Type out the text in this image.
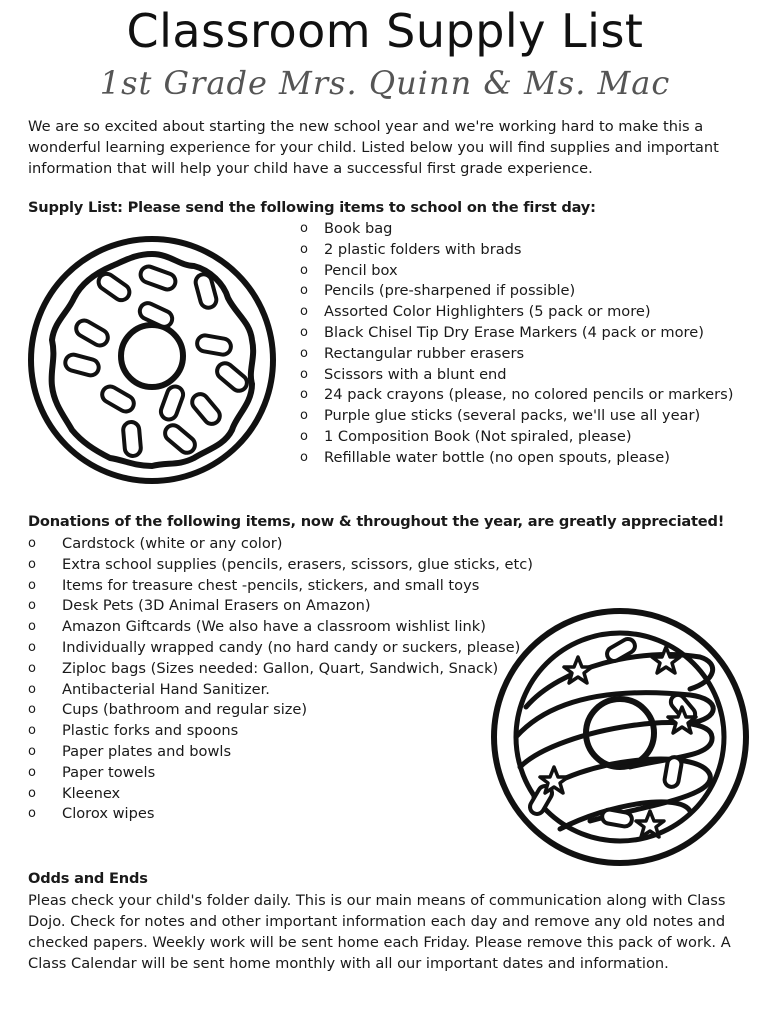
Classroom Supply List
1st Grade Mrs. Quinn & Ms. Mac

We are so excited about starting the new school year and we're working hard to make this a wonderful learning experience for your child. Listed below you will find supplies and important information that will help your child have a successful first grade experience.

Supply List: Please send the following items to school on the first day:

o Book bag
o 2 plastic folders with brads
o Pencil box
o Pencils (pre-sharpened if possible)
o Assorted Color Highlighters (5 pack or more)
o Black Chisel Tip Dry Erase Markers (4 pack or more)
o Rectangular rubber erasers
o Scissors with a blunt end
o 24 pack crayons (please, no colored pencils or markers)
o Purple glue sticks (several packs, we'll use all year)
o 1 Composition Book (Not spiraled, please)
o Refillable water bottle (no open spouts, please)

Donations of the following items, now & throughout the year, are greatly appreciated!

o Cardstock (white or any color)
o Extra school supplies (pencils, erasers, scissors, glue sticks, etc)
o Items for treasure chest -pencils, stickers, and small toys
o Desk Pets (3D Animal Erasers on Amazon)
o Amazon Giftcards (We also have a classroom wishlist link)
o Individually wrapped candy (no hard candy or suckers, please)
o Ziploc bags (Sizes needed: Gallon, Quart, Sandwich, Snack)
o Antibacterial Hand Sanitizer.
o Cups (bathroom and regular size)
o Plastic forks and spoons
o Paper plates and bowls
o Paper towels
o Kleenex
o Clorox wipes

Odds and Ends

Pleas check your child's folder daily. This is our main means of communication along with Class Dojo. Check for notes and other important information each day and remove any old notes and checked papers. Weekly work will be sent home each Friday. Please remove this pack of work. A Class Calendar will be sent home monthly with all our important dates and information.
